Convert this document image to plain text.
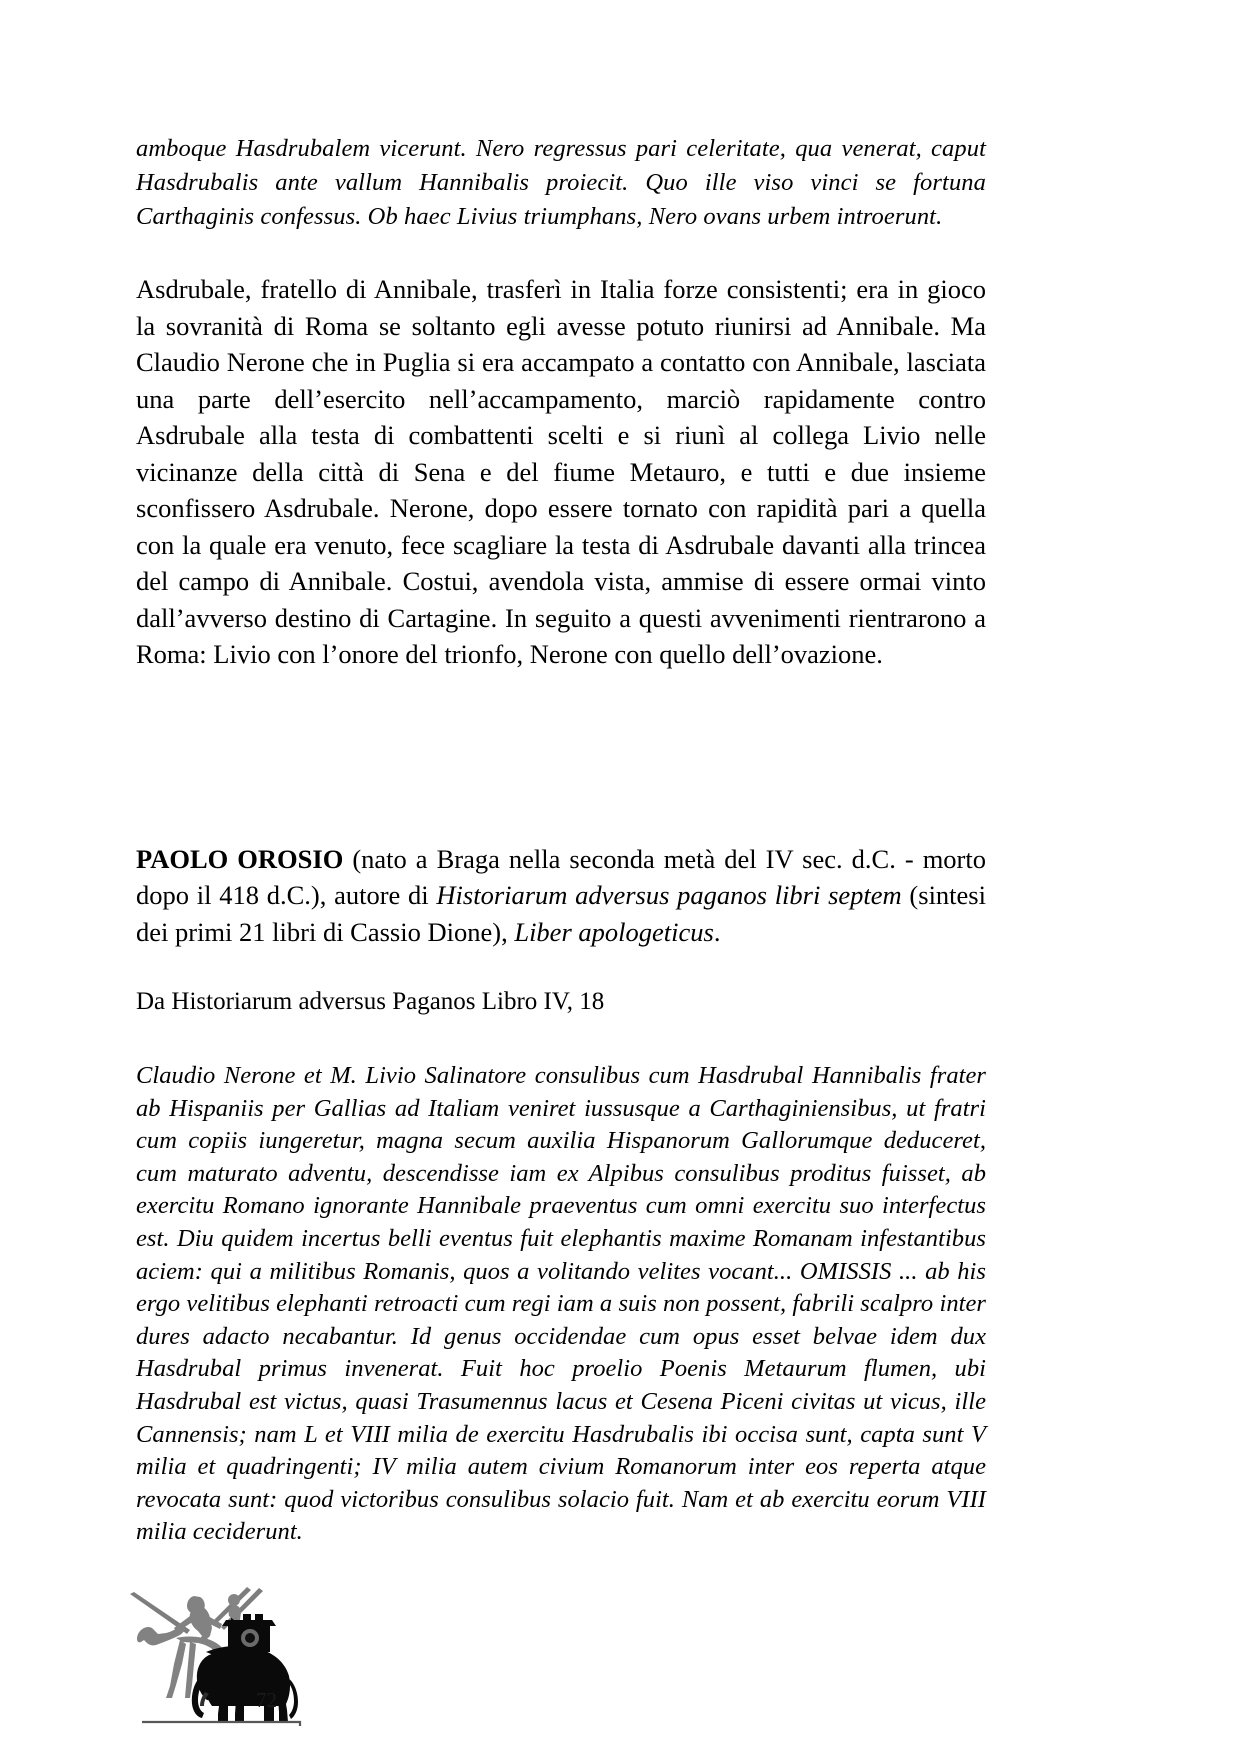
amboque Hasdrubalem vicerunt. Nero regressus pari celeritate, qua venerat, caput Hasdrubalis ante vallum Hannibalis proiecit. Quo ille viso vinci se fortuna Carthaginis confessus. Ob haec Livius triumphans, Nero ovans urbem introerunt.

Asdrubale, fratello di Annibale, trasferì in Italia forze consistenti; era in gioco la sovranità di Roma se soltanto egli avesse potuto riunirsi ad Annibale. Ma Claudio Nerone che in Puglia si era accampato a contatto con Annibale, lasciata una parte dell’esercito nell’accampamento, marciò rapidamente contro Asdrubale alla testa di combattenti scelti e si riunì al collega Livio nelle vicinanze della città di Sena e del fiume Metauro, e tutti e due insieme sconfissero Asdrubale. Nerone, dopo essere tornato con rapidità pari a quella con la quale era venuto, fece scagliare la testa di Asdrubale davanti alla trincea del campo di Annibale. Costui, avendola vista, ammise di essere ormai vinto dall’avverso destino di Cartagine. In seguito a questi avvenimenti rientrarono a Roma: Livio con l’onore del trionfo, Nerone con quello dell’ovazione.

PAOLO OROSIO (nato a Braga nella seconda metà del IV sec. d.C. - morto dopo il 418 d.C.), autore di Historiarum adversus paganos libri septem (sintesi dei primi 21 libri di Cassio Dione), Liber apologeticus.

Da Historiarum adversus Paganos Libro IV, 18

Claudio Nerone et M. Livio Salinatore consulibus cum Hasdrubal Hannibalis frater ab Hispaniis per Gallias ad Italiam veniret iussusque a Carthaginiensibus, ut fratri cum copiis iungeretur, magna secum auxilia Hispanorum Gallorumque deduceret, cum maturato adventu, descendisse iam ex Alpibus consulibus proditus fuisset, ab exercitu Romano ignorante Hannibale praeventus cum omni exercitu suo interfectus est. Diu quidem incertus belli eventus fuit elephantis maxime Romanam infestantibus aciem: qui a militibus Romanis, quos a volitando velites vocant... OMISSIS ... ab his ergo velitibus elephanti retroacti cum regi iam a suis non possent, fabrili scalpro inter dures adacto necabantur. Id genus occidendae cum opus esset belvae idem dux Hasdrubal primus invenerat. Fuit hoc proelio Poenis Metaurum flumen, ubi Hasdrubal est victus, quasi Trasumennus lacus et Cesena Piceni civitas ut vicus, ille Cannensis; nam L et VIII milia de exercitu Hasdrubalis ibi occisa sunt, capta sunt V milia et quadringenti; IV milia autem civium Romanorum inter eos reperta atque revocata sunt: quod victoribus consulibus solacio fuit. Nam et ab exercitu eorum VIII milia ceciderunt.

72
